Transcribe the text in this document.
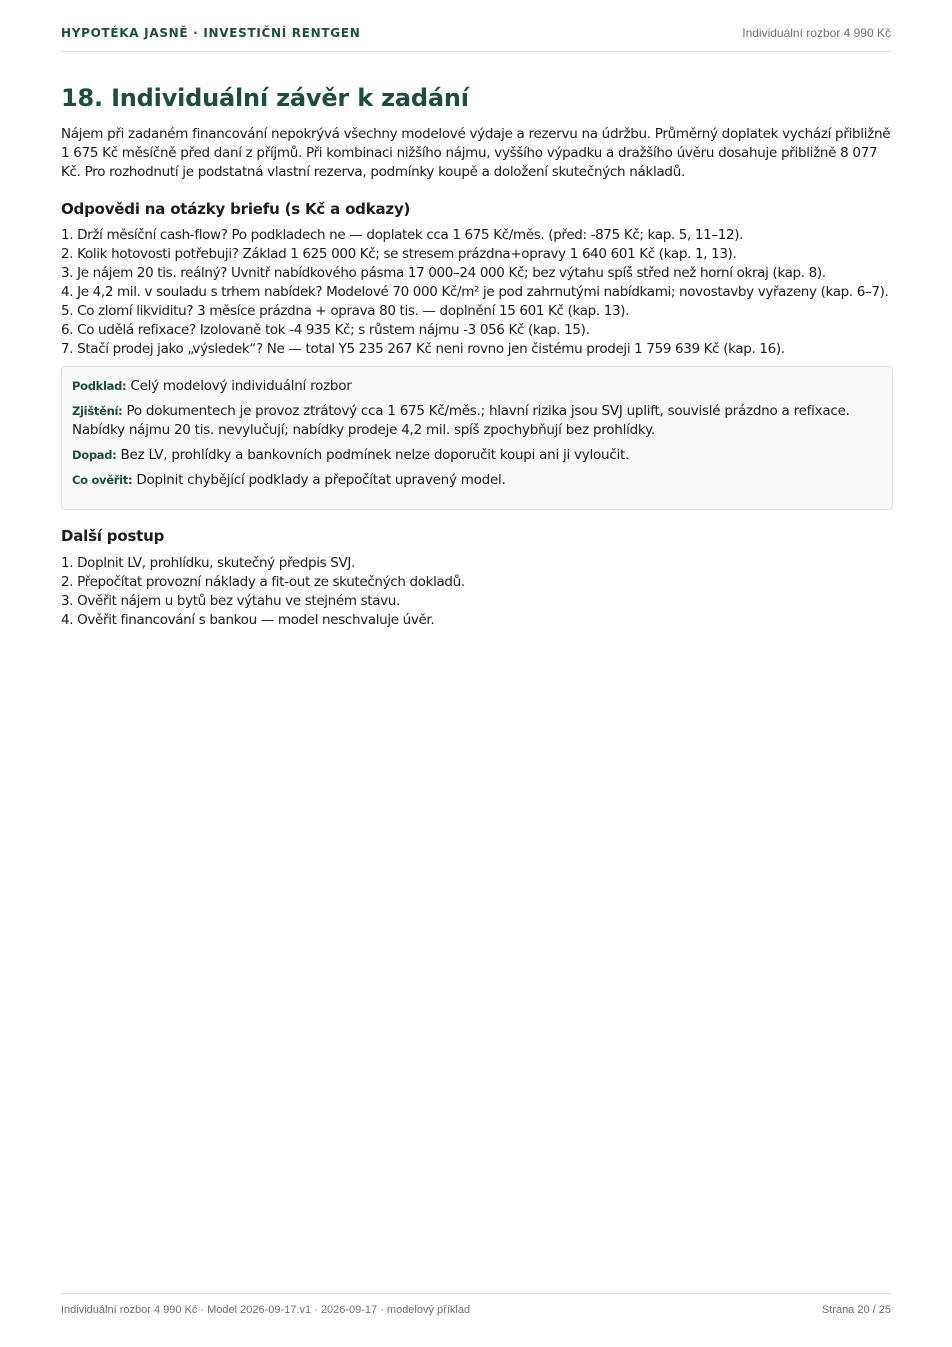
HYPOTÉKA JASNĚ · INVESTIČNÍ RENTGEN	Individuální rozbor 4 990 Kč
18. Individuální závěr k zadání

Nájem při zadaném financování nepokrývá všechny modelové výdaje a rezervu na údržbu. Průměrný doplatek vychází přibližně 1 675 Kč měsíčně před daní z příjmů. Při kombinaci nižšího nájmu, vyššího výpadku a dražšího úvěru dosahuje přibližně 8 077 Kč. Pro rozhodnutí je podstatná vlastní rezerva, podmínky koupě a doložení skutečných nákladů.

Odpovědi na otázky briefu (s Kč a odkazy)
1. Drží měsíční cash-flow? Po podkladech ne — doplatek cca 1 675 Kč/měs. (před: -875 Kč; kap. 5, 11–12).
2. Kolik hotovosti potřebuji? Základ 1 625 000 Kč; se stresem prázdna+opravy 1 640 601 Kč (kap. 1, 13).
3. Je nájem 20 tis. reálný? Uvnitř nabídkového pásma 17 000–24 000 Kč; bez výtahu spíš střed než horní okraj (kap. 8).
4. Je 4,2 mil. v souladu s trhem nabídek? Modelové 70 000 Kč/m² je pod zahrnutými nabídkami; novostavby vyřazeny (kap. 6–7).
5. Co zlomí likviditu? 3 měsíce prázdna + oprava 80 tis. — doplnění 15 601 Kč (kap. 13).
6. Co udělá refixace? Izolovaně tok -4 935 Kč; s růstem nájmu -3 056 Kč (kap. 15).
7. Stačí prodej jako „výsledek“? Ne — total Y5 235 267 Kč neni rovno jen čistému prodeji 1 759 639 Kč (kap. 16).
Podklad: Celý modelový individuální rozbor
Zjištění: Po dokumentech je provoz ztrátový cca 1 675 Kč/měs.; hlavní rizika jsou SVJ uplift, souvislé prázdno a refixace. Nabídky nájmu 20 tis. nevylučují; nabídky prodeje 4,2 mil. spíš zpochybňují bez prohlídky.
Dopad: Bez LV, prohlídky a bankovních podmínek nelze doporučit koupi ani ji vyloučit.
Co ověřit: Doplnit chybějící podklady a přepočítat upravený model.
Další postup
1. Doplnit LV, prohlídku, skutečný předpis SVJ.
2. Přepočítat provozní náklady a fit-out ze skutečných dokladů.
3. Ověřit nájem u bytů bez výtahu ve stejném stavu.
4. Ověřit financování s bankou — model neschvaluje úvěr.
Individuální rozbor 4 990 Kč · Model 2026-09-17.v1 · 2026-09-17 · modelový příklad	Strana 20 / 25
